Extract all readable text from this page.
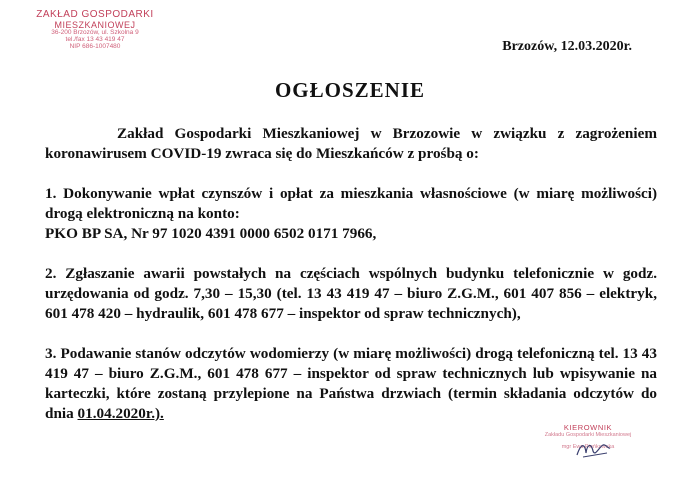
ZAKŁAD GOSPODARKI
MIESZKANIOWEJ
36-200 Brzozów, ul. Szkolna 9
tel./fax 13 43 419 47
NIP 686-1007480	Brzozów, 12.03.2020r.
OGŁOSZENIE

Zakład Gospodarki Mieszkaniowej w Brzozowie w związku z zagrożeniem koronawirusem COVID-19 zwraca się do Mieszkańców z prośbą o:

1. Dokonywanie wpłat czynszów i opłat za mieszkania własnościowe (w miarę możliwości) drogą elektroniczną na konto:

PKO BP SA, Nr 97 1020 4391 0000 6502 0171 7966,

2. Zgłaszanie awarii powstałych na częściach wspólnych budynku telefonicznie w godz. urzędowania od godz. 7,30 – 15,30 (tel. 13 43 419 47 – biuro Z.G.M., 601 407 856 – elektryk, 601 478 420 – hydraulik, 601 478 677 – inspektor od spraw technicznych),

3. Podawanie stanów odczytów wodomierzy (w miarę możliwości) drogą telefoniczną tel. 13 43 419 47 – biuro Z.G.M., 601 478 677 – inspektor od spraw technicznych lub wpisywanie na karteczki, które zostaną przylepione na Państwa drzwiach (termin składania odczytów do dnia 01.04.2020r.).

KIEROWNIK
Zakładu Gospodarki Mieszkaniowej
mgr Ewa Pieńkowska
